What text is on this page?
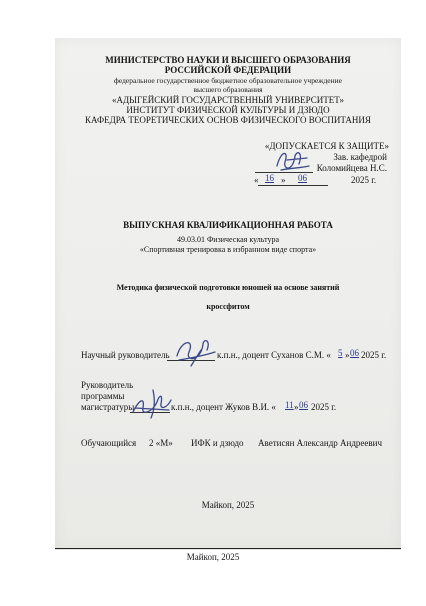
МИНИСТЕРСТВО НАУКИ И ВЫСШЕГО ОБРАЗОВАНИЯ
РОССИЙСКОЙ ФЕДЕРАЦИИ
федеральное государственное бюджетное образовательное учреждение
высшего образования
«АДЫГЕЙСКИЙ ГОСУДАРСТВЕННЫЙ УНИВЕРСИТЕТ»
ИНСТИТУТ ФИЗИЧЕСКОЙ КУЛЬТУРЫ И ДЗЮДО
КАФЕДРА ТЕОРЕТИЧЕСКИХ ОСНОВ ФИЗИЧЕСКОГО ВОСПИТАНИЯ
«ДОПУСКАЕТСЯ К ЗАЩИТЕ»
Зав. кафедрой
Коломийцева Н.С.
« 16 » 06	2025 г.
ВЫПУСКНАЯ КВАЛИФИКАЦИОННАЯ РАБОТА
49.03.01 Физическая культура
«Спортивная тренировка в избранном виде спорта»
Методика физической подготовки юношей на основе занятий
кроссфитом
Научный руководитель	к.п.н., доцент Суханов С.М. « 5 » 06 2025 г.
Руководитель
программы
магистратуры	к.п.н., доцент Жуков В.И. « 11 » 06 2025 г.
Обучающийся 2 «М» ИФК и дзюдо Аветисян Александр Андреевич
Майкоп, 2025
Майкоп, 2025
